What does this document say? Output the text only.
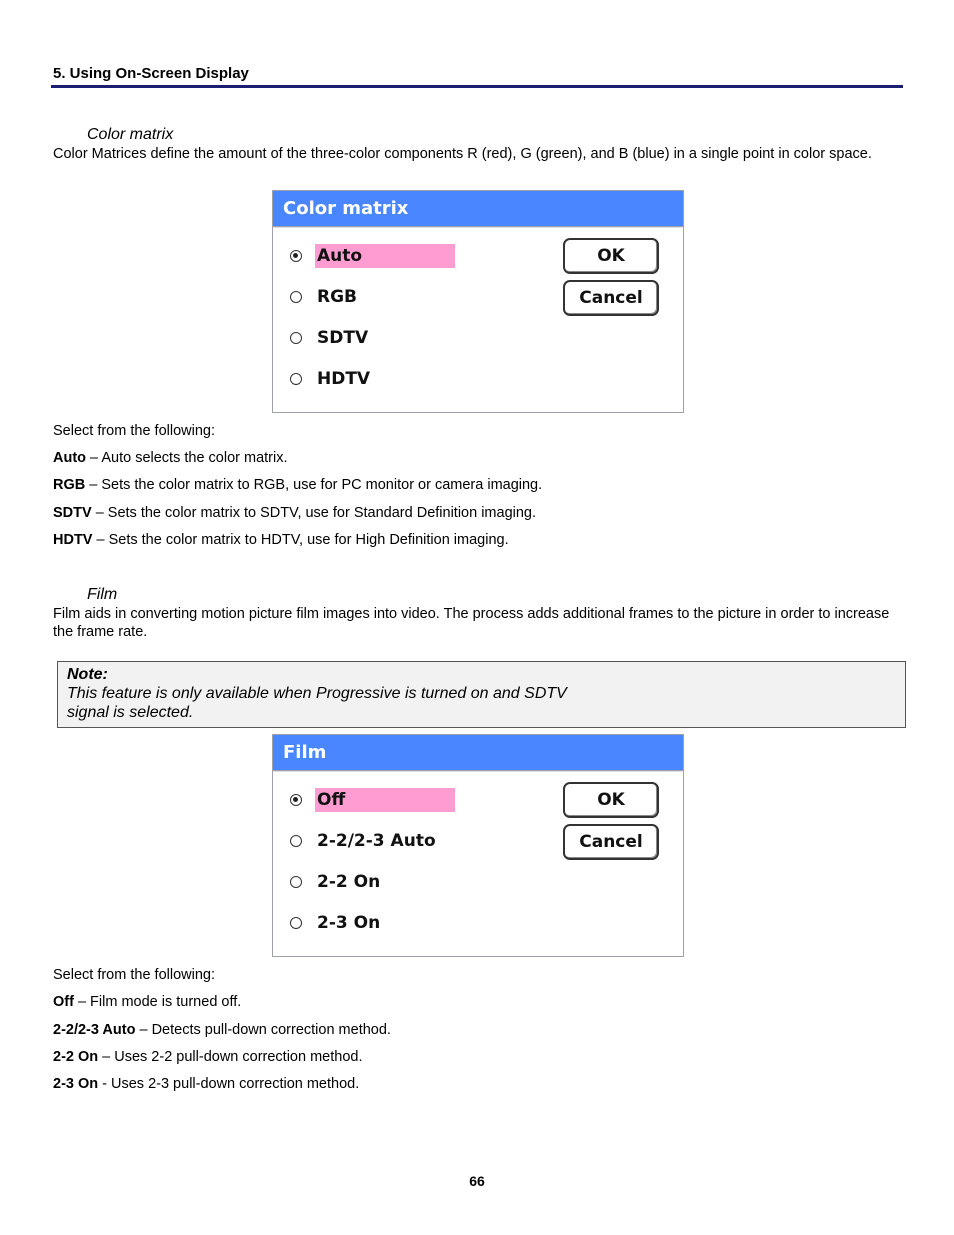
5. Using On-Screen Display
Color matrix
Color Matrices define the amount of the three-color components R (red), G (green), and B (blue) in a single point in color space.
Color matrix
Auto
RGB
SDTV
HDTV
OK
Cancel
Select from the following:
Auto – Auto selects the color matrix.
RGB – Sets the color matrix to RGB, use for PC monitor or camera imaging.
SDTV – Sets the color matrix to SDTV, use for Standard Definition imaging.
HDTV – Sets the color matrix to HDTV, use for High Definition imaging.
Film
Film aids in converting motion picture film images into video. The process adds additional frames to the picture in order to increase the frame rate.
Note:
This feature is only available when Progressive is turned on and SDTV
signal is selected.
Film
Off
2-2/2-3 Auto
2-2 On
2-3 On
OK
Cancel
Select from the following:
Off – Film mode is turned off.
2-2/2-3 Auto – Detects pull-down correction method.
2-2 On – Uses 2-2 pull-down correction method.
2-3 On - Uses 2-3 pull-down correction method.
66
